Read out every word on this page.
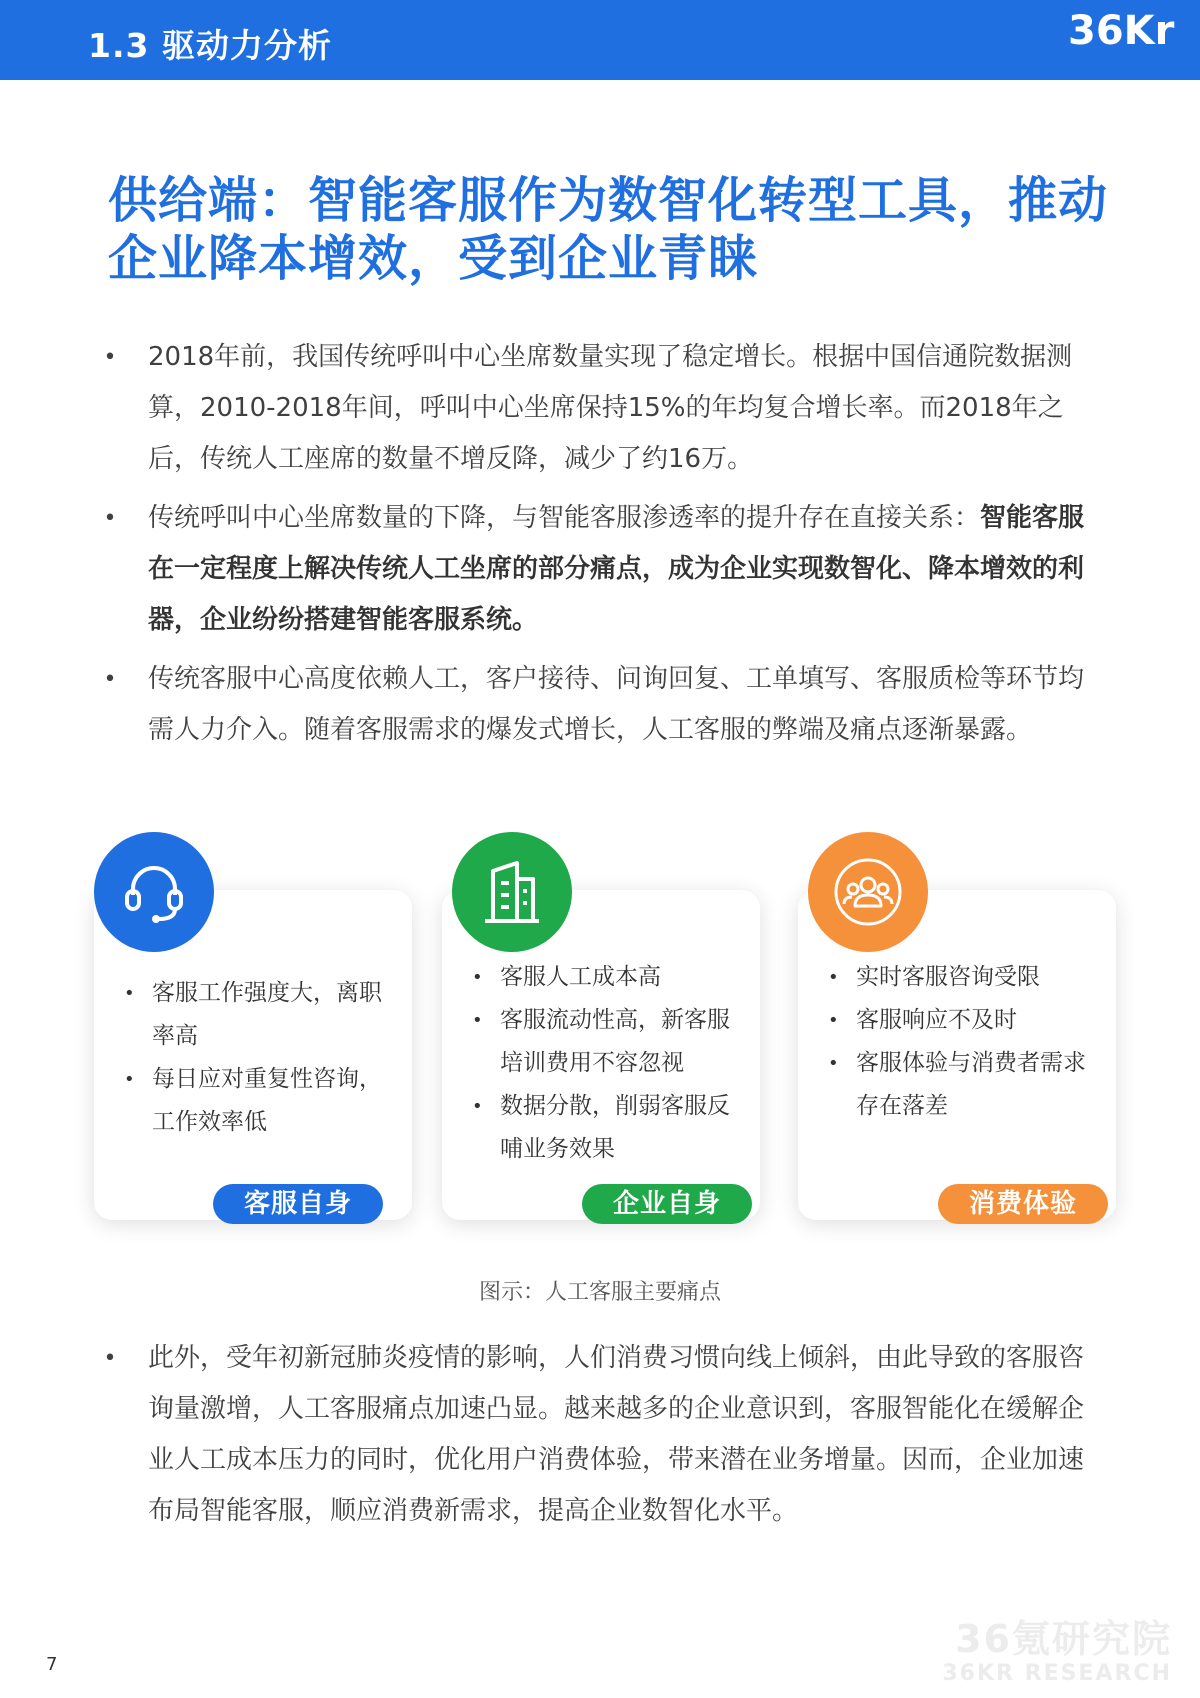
1.3 驱动力分析	36Kr
供给端：智能客服作为数智化转型工具，推动
企业降本增效，受到企业青睐
• 2018年前，我国传统呼叫中心坐席数量实现了稳定增长。根据中国信通院数据测算，2010-2018年间，呼叫中心坐席保持15%的年均复合增长率。而2018年之后，传统人工座席的数量不增反降，减少了约16万。
• 传统呼叫中心坐席数量的下降，与智能客服渗透率的提升存在直接关系：智能客服在一定程度上解决传统人工坐席的部分痛点，成为企业实现数智化、降本增效的利器，企业纷纷搭建智能客服系统。
• 传统客服中心高度依赖人工，客户接待、问询回复、工单填写、客服质检等环节均需人力介入。随着客服需求的爆发式增长，人工客服的弊端及痛点逐渐暴露。
• 客服工作强度大，离职率高
• 每日应对重复性咨询，工作效率低
客服自身
• 客服人工成本高
• 客服流动性高，新客服培训费用不容忽视
• 数据分散，削弱客服反哺业务效果
企业自身
• 实时客服咨询受限
• 客服响应不及时
• 客服体验与消费者需求存在落差
消费体验
图示：人工客服主要痛点
• 此外，受年初新冠肺炎疫情的影响，人们消费习惯向线上倾斜，由此导致的客服咨询量激增，人工客服痛点加速凸显。越来越多的企业意识到，客服智能化在缓解企业人工成本压力的同时，优化用户消费体验，带来潜在业务增量。因而，企业加速布局智能客服，顺应消费新需求，提高企业数智化水平。
36氪研究院
36KR RESEARCH
7
